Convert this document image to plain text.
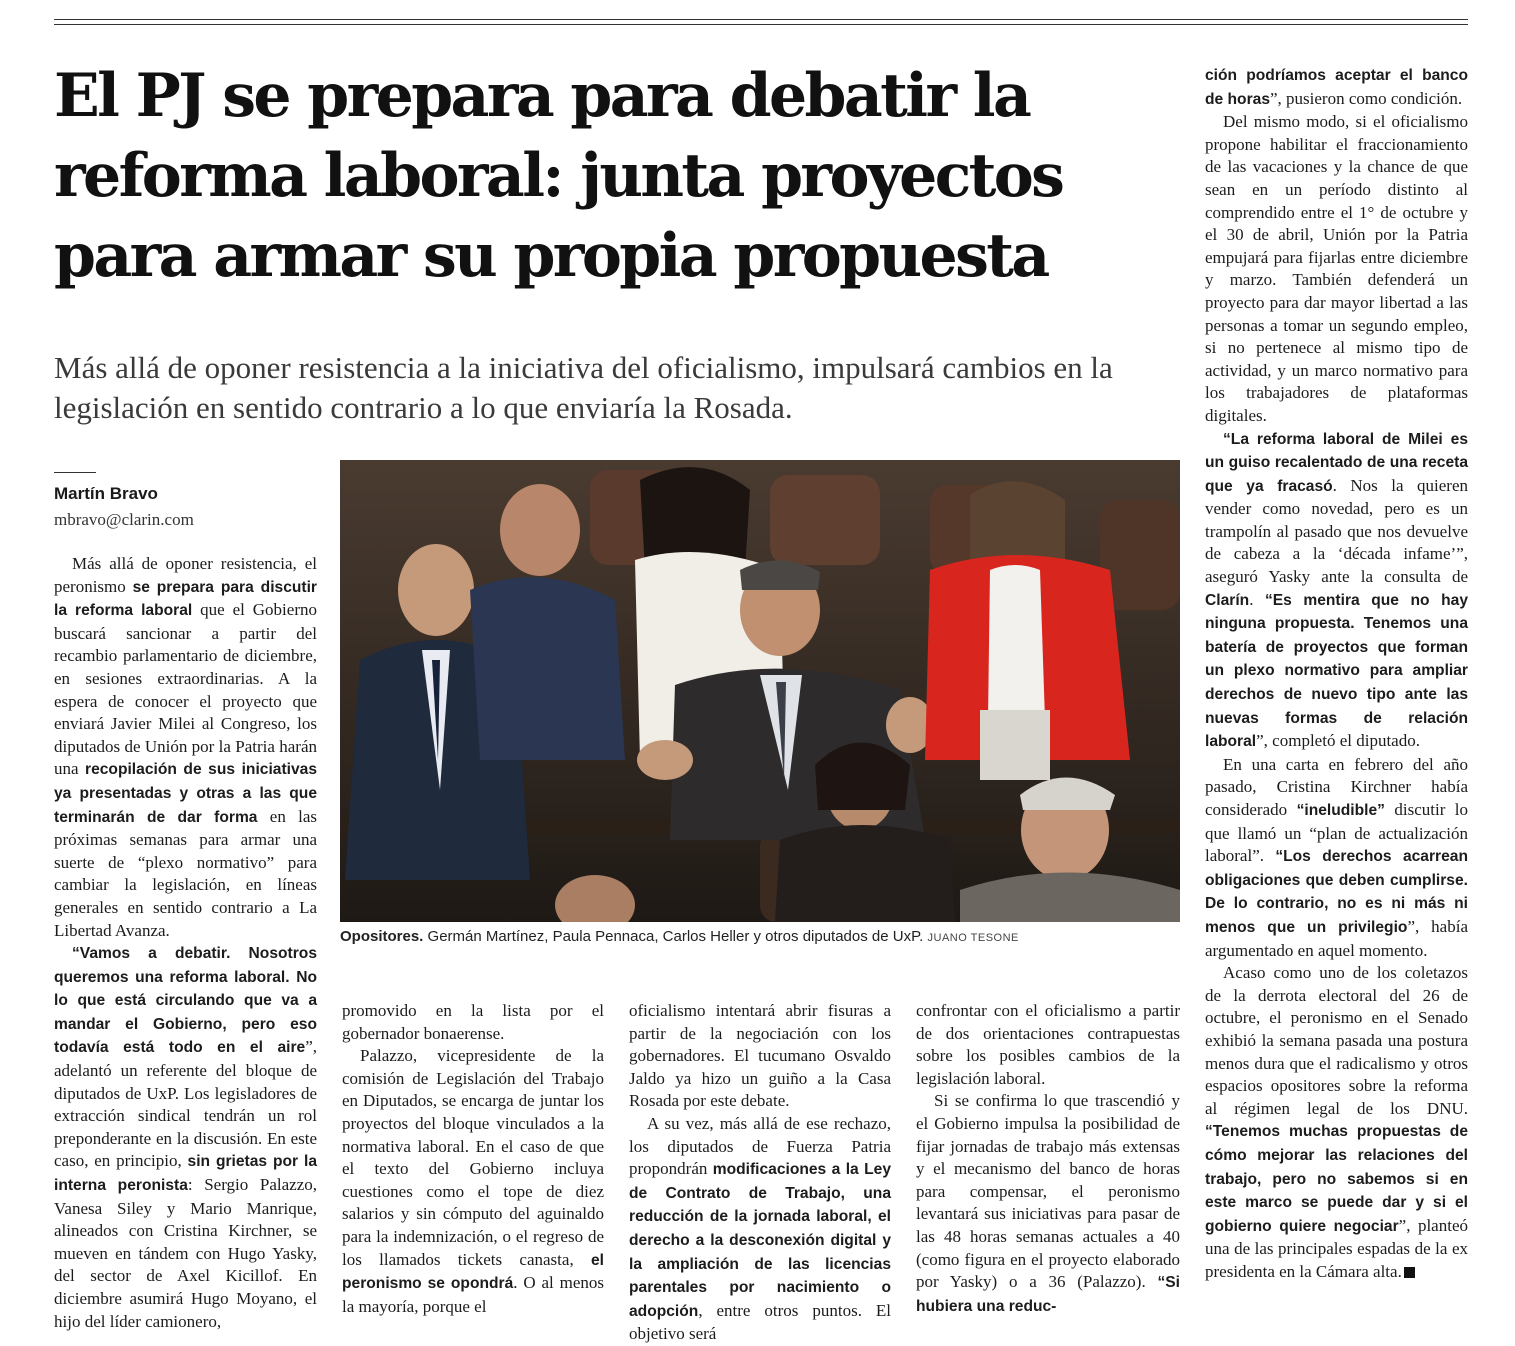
El PJ se prepara para debatir la reforma laboral: junta proyectos para armar su propia propuesta

Más allá de oponer resistencia a la iniciativa del oficialismo, impulsará cambios en la legislación en sentido contrario a lo que enviaría la Rosada.

Martín Bravo

mbravo@clarin.com

Más allá de oponer resistencia, el peronismo se prepara para discutir la reforma laboral que el Gobierno buscará sancionar a partir del recambio parlamentario de diciembre, en sesiones extraordinarias. A la espera de conocer el proyecto que enviará Javier Milei al Congreso, los diputados de Unión por la Patria harán una recopilación de sus iniciativas ya presentadas y otras a las que terminarán de dar forma en las próximas semanas para armar una suerte de “plexo normativo” para cambiar la legislación, en líneas generales en sentido contrario a La Libertad Avanza.

“Vamos a debatir. Nosotros queremos una reforma laboral. No lo que está circulando que va a mandar el Gobierno, pero eso todavía está todo en el aire”, adelantó un referente del bloque de diputados de UxP. Los legisladores de extracción sindical tendrán un rol preponderante en la discusión. En este caso, en principio, sin grietas por la interna peronista: Sergio Palazzo, Vanesa Siley y Mario Manrique, alineados con Cristina Kirchner, se mueven en tándem con Hugo Yasky, del sector de Axel Kicillof. En diciembre asumirá Hugo Moyano, el hijo del líder camionero,

Opositores. Germán Martínez, Paula Pennaca, Carlos Heller y otros diputados de UxP. JUANO TESONE

promovido en la lista por el gobernador bonaerense.

Palazzo, vicepresidente de la comisión de Legislación del Trabajo en Diputados, se encarga de juntar los proyectos del bloque vinculados a la normativa laboral. En el caso de que el texto del Gobierno incluya cuestiones como el tope de diez salarios y sin cómputo del aguinaldo para la indemnización, o el regreso de los llamados tickets canasta, el peronismo se opondrá. O al menos la mayoría, porque el

oficialismo intentará abrir fisuras a partir de la negociación con los gobernadores. El tucumano Osvaldo Jaldo ya hizo un guiño a la Casa Rosada por este debate.

A su vez, más allá de ese rechazo, los diputados de Fuerza Patria propondrán modificaciones a la Ley de Contrato de Trabajo, una reducción de la jornada laboral, el derecho a la desconexión digital y la ampliación de las licencias parentales por nacimiento o adopción, entre otros puntos. El objetivo será

confrontar con el oficialismo a partir de dos orientaciones contrapuestas sobre los posibles cambios de la legislación laboral.

Si se confirma lo que trascendió y el Gobierno impulsa la posibilidad de fijar jornadas de trabajo más extensas y el mecanismo del banco de horas para compensar, el peronismo levantará sus iniciativas para pasar de las 48 horas semanas actuales a 40 (como figura en el proyecto elaborado por Yasky) o a 36 (Palazzo). “Si hubiera una reduc-

ción podríamos aceptar el banco de horas”, pusieron como condición.

Del mismo modo, si el oficialismo propone habilitar el fraccionamiento de las vacaciones y la chance de que sean en un período distinto al comprendido entre el 1° de octubre y el 30 de abril, Unión por la Patria empujará para fijarlas entre diciembre y marzo. También defenderá un proyecto para dar mayor libertad a las personas a tomar un segundo empleo, si no pertenece al mismo tipo de actividad, y un marco normativo para los trabajadores de plataformas digitales.

“La reforma laboral de Milei es un guiso recalentado de una receta que ya fracasó. Nos la quieren vender como novedad, pero es un trampolín al pasado que nos devuelve de cabeza a la ‘década infame’”, aseguró Yasky ante la consulta de Clarín. “Es mentira que no hay ninguna propuesta. Tenemos una batería de proyectos que forman un plexo normativo para ampliar derechos de nuevo tipo ante las nuevas formas de relación laboral”, completó el diputado.

En una carta en febrero del año pasado, Cristina Kirchner había considerado “ineludible” discutir lo que llamó un “plan de actualización laboral”. “Los derechos acarrean obligaciones que deben cumplirse. De lo contrario, no es ni más ni menos que un privilegio”, había argumentado en aquel momento.

Acaso como uno de los coletazos de la derrota electoral del 26 de octubre, el peronismo en el Senado exhibió la semana pasada una postura menos dura que el radicalismo y otros espacios opositores sobre la reforma al régimen legal de los DNU. “Tenemos muchas propuestas de cómo mejorar las relaciones del trabajo, pero no sabemos si en este marco se puede dar y si el gobierno quiere negociar”, planteó una de las principales espadas de la ex presidenta en la Cámara alta.
